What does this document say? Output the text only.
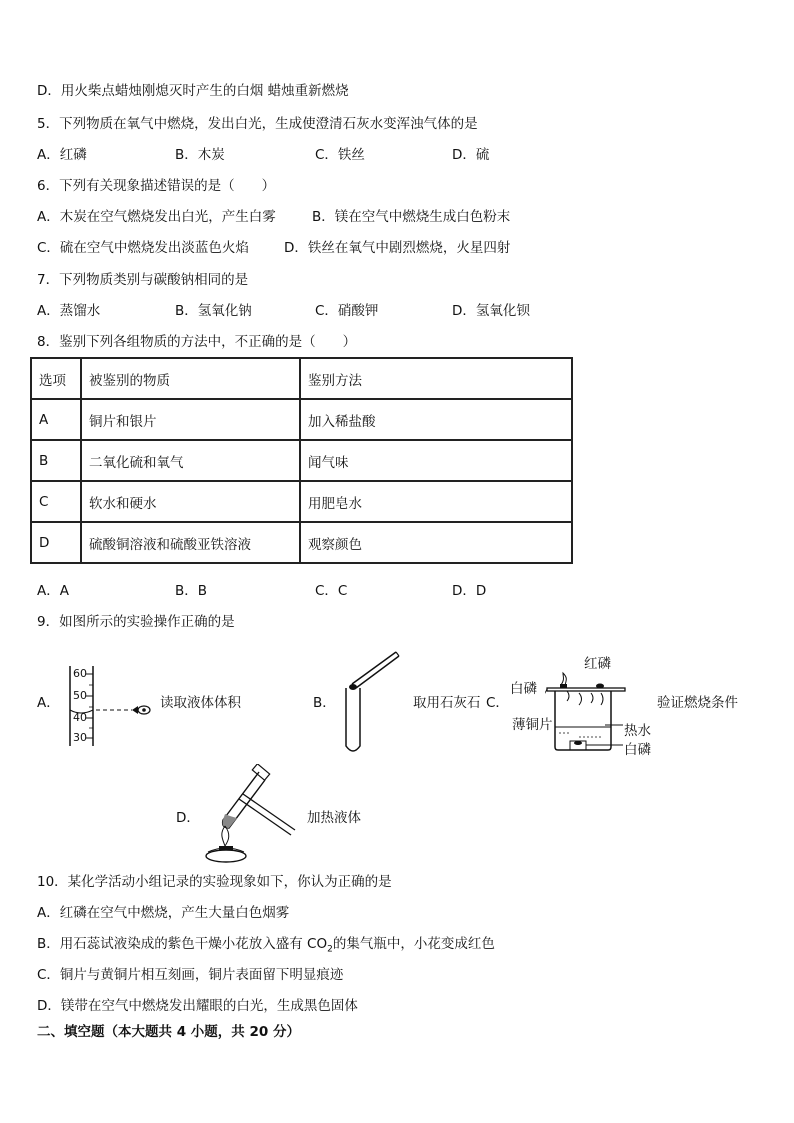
D．用火柴点蜡烛刚熄灭时产生的白烟 蜡烛重新燃烧
5．下列物质在氧气中燃烧，发出白光，生成使澄清石灰水变浑浊气体的是
A．红磷	B．木炭	C．铁丝	D．硫
6．下列有关现象描述错误的是（　　）
A．木炭在空气燃烧发出白光，产生白雾	B．镁在空气中燃烧生成白色粉末
C．硫在空气中燃烧发出淡蓝色火焰	D．铁丝在氧气中剧烈燃烧，火星四射
7．下列物质类别与碳酸钠相同的是
A．蒸馏水	B．氢氧化钠	C．硝酸钾	D．氢氧化钡
8．鉴别下列各组物质的方法中，不正确的是（　　）
选项	被鉴别的物质	鉴别方法
A	铜片和银片	加入稀盐酸
B	二氧化硫和氧气	闻气味
C	软水和硬水	用肥皂水
D	硫酸铜溶液和硫酸亚铁溶液	观察颜色
A．A	B．B	C．C	D．D
9．如图所示的实验操作正确的是
A．
60
50
40
30
读取液体体积	B．	取用石灰石 C．
红磷
白磷
薄铜片	热水
白磷
验证燃烧条件
D．	加热液体
10．某化学活动小组记录的实验现象如下，你认为正确的是
A．红磷在空气中燃烧，产生大量白色烟雾
B．用石蕊试液染成的紫色干燥小花放入盛有 $CO_2$的集气瓶中，小花变成红色
C．铜片与黄铜片相互刻画，铜片表面留下明显痕迹
D．镁带在空气中燃烧发出耀眼的白光，生成黑色固体
二、填空题（本大题共 4 小题，共 20 分）
